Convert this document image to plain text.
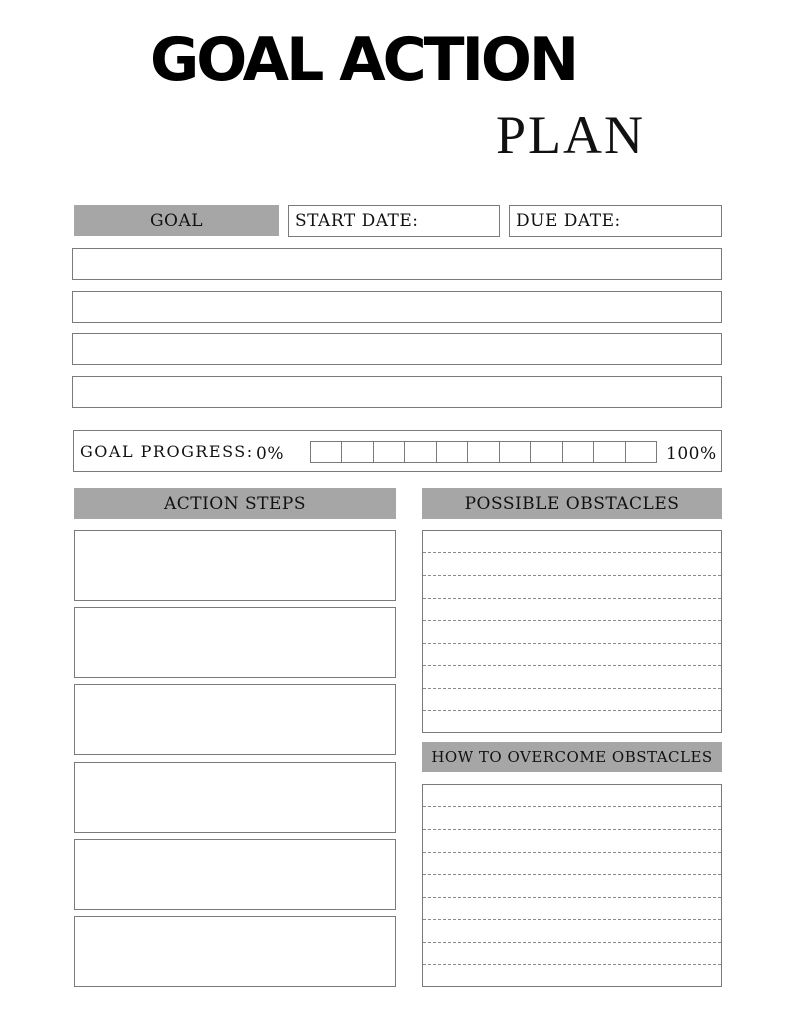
GOAL ACTION
PLAN
GOAL	START DATE:	DUE DATE:
GOAL PROGRESS: 0%	100%
ACTION STEPS	POSSIBLE OBSTACLES
HOW TO OVERCOME OBSTACLES
